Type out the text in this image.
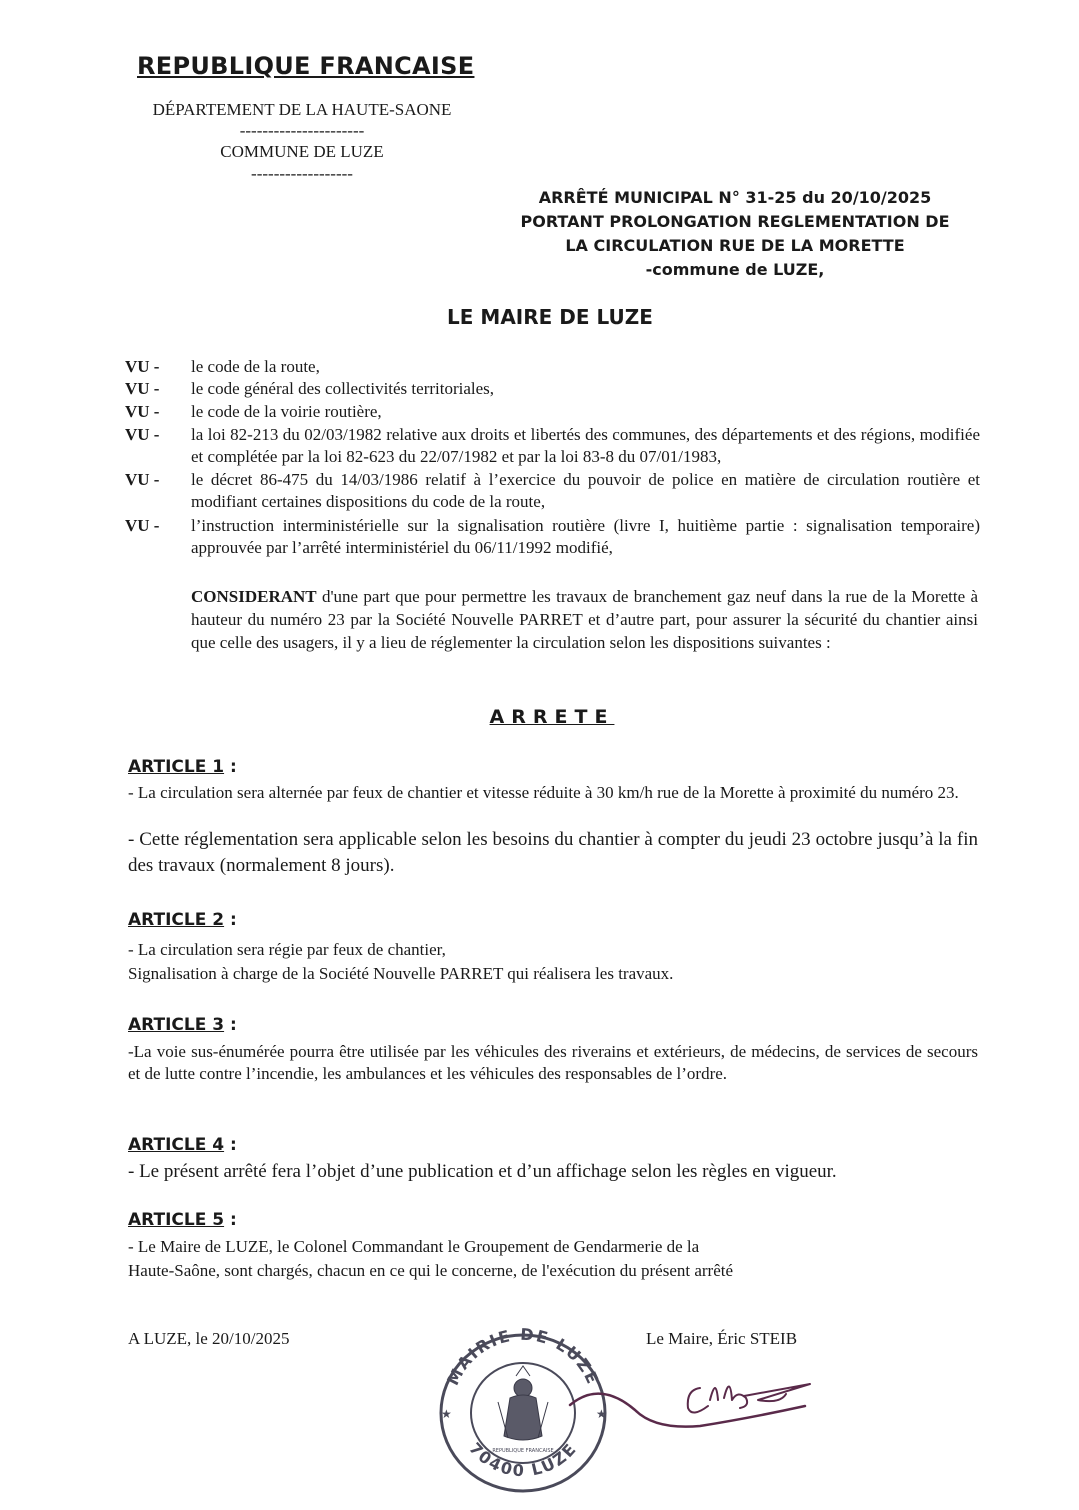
REPUBLIQUE FRANCAISE
DÉPARTEMENT DE LA HAUTE-SAONE
----------------------
COMMUNE DE LUZE
------------------
ARRÊTÉ MUNICIPAL N° 31-25 du 20/10/2025
PORTANT PROLONGATION REGLEMENTATION DE
LA CIRCULATION RUE DE LA MORETTE
-commune de LUZE,
LE MAIRE DE LUZE
VU - le code de la route,
VU - le code général des collectivités territoriales,
VU - le code de la voirie routière,
VU - la loi 82-213 du 02/03/1982 relative aux droits et libertés des communes, des départements et des régions, modifiée et complétée par la loi 82-623 du 22/07/1982 et par la loi 83-8 du 07/01/1983,
VU - le décret 86-475 du 14/03/1986 relatif à l’exercice du pouvoir de police en matière de circulation routière et modifiant certaines dispositions du code de la route,
VU - l’instruction interministérielle sur la signalisation routière (livre I, huitième partie : signalisation temporaire) approuvée par l’arrêté interministériel du 06/11/1992 modifié,
CONSIDERANT d'une part que pour permettre les travaux de branchement gaz neuf dans la rue de la Morette à hauteur du numéro 23 par la Société Nouvelle PARRET et d’autre part, pour assurer la sécurité du chantier ainsi que celle des usagers, il y a lieu de réglementer la circulation selon les dispositions suivantes :
ARRETE
ARTICLE 1 :
- La circulation sera alternée par feux de chantier et vitesse réduite à 30 km/h rue de la Morette à proximité du numéro 23.
- Cette réglementation sera applicable selon les besoins du chantier à compter du jeudi 23 octobre jusqu’à la fin des travaux (normalement 8 jours).
ARTICLE 2 :
- La circulation sera régie par feux de chantier,
Signalisation à charge de la Société Nouvelle PARRET qui réalisera les travaux.
ARTICLE 3 :
-La voie sus-énumérée pourra être utilisée par les véhicules des riverains et extérieurs, de médecins, de services de secours et de lutte contre l’incendie, les ambulances et les véhicules des responsables de l’ordre.
ARTICLE 4 :
- Le présent arrêté fera l’objet d’une publication et d’un affichage selon les règles en vigueur.
ARTICLE 5 :
- Le Maire de LUZE, le Colonel Commandant le Groupement de Gendarmerie de la
Haute-Saône, sont chargés, chacun en ce qui le concerne, de l'exécution du présent arrêté
A LUZE, le 20/10/2025	Le Maire, Éric STEIB
MAIRIE DE LUZE
70400 LUZE
REPUBLIQUE FRANCAISE
★	★
